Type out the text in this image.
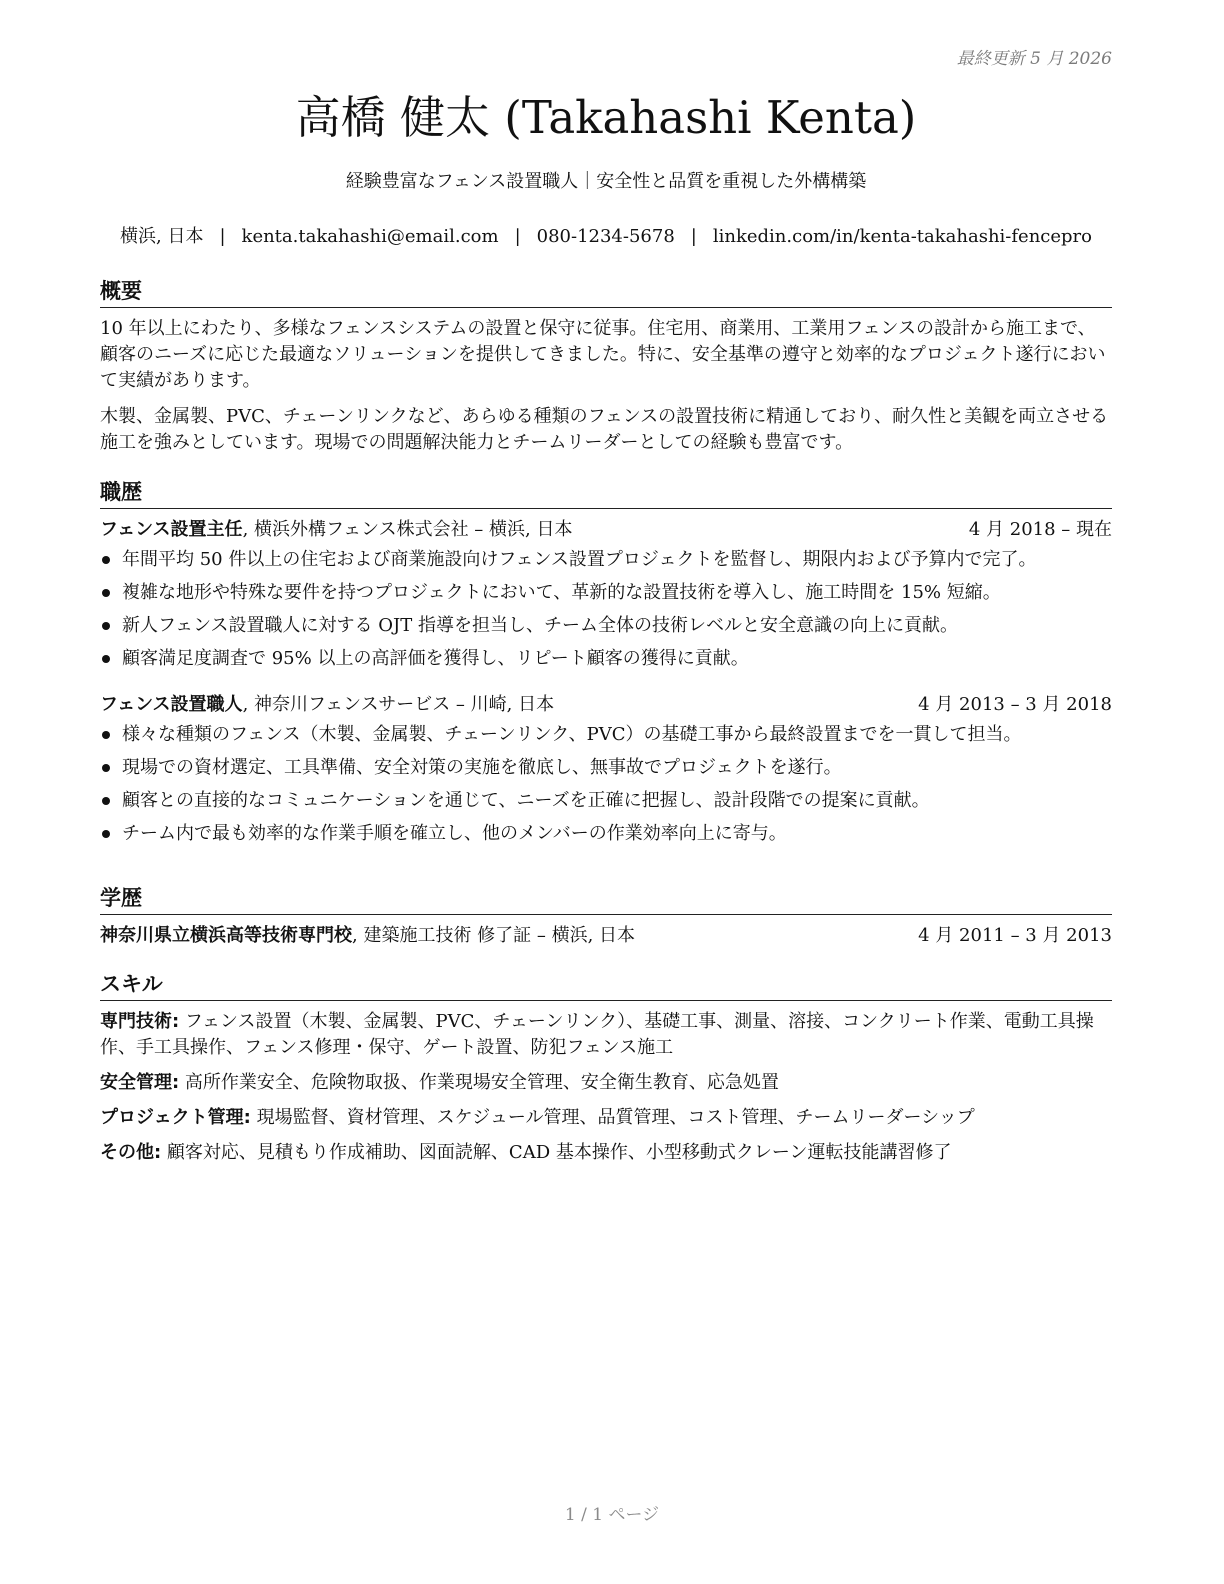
最終更新 5 月 2026
高橋 健太 (Takahashi Kenta)
経験豊富なフェンス設置職人｜安全性と品質を重視した外構構築
横浜, 日本 | kenta.takahashi@email.com | 080-1234-5678 | linkedin.com/in/kenta-takahashi-fencepro
概要

10 年以上にわたり、多様なフェンスシステムの設置と保守に従事。住宅用、商業用、工業用フェンスの設計から施工まで、顧客のニーズに応じた最適なソリューションを提供してきました。特に、安全基準の遵守と効率的なプロジェクト遂行において実績があります。

木製、金属製、PVC、チェーンリンクなど、あらゆる種類のフェンスの設置技術に精通しており、耐久性と美観を両立させる施工を強みとしています。現場での問題解決能力とチームリーダーとしての経験も豊富です。

職歴
フェンス設置主任, 横浜外構フェンス株式会社 – 横浜, 日本	4 月 2018 – 現在
年間平均 50 件以上の住宅および商業施設向けフェンス設置プロジェクトを監督し、期限内および予算内で完了。
複雑な地形や特殊な要件を持つプロジェクトにおいて、革新的な設置技術を導入し、施工時間を 15% 短縮。
新人フェンス設置職人に対する OJT 指導を担当し、チーム全体の技術レベルと安全意識の向上に貢献。
顧客満足度調査で 95% 以上の高評価を獲得し、リピート顧客の獲得に貢献。
フェンス設置職人, 神奈川フェンスサービス – 川崎, 日本	4 月 2013 – 3 月 2018
様々な種類のフェンス（木製、金属製、チェーンリンク、PVC）の基礎工事から最終設置までを一貫して担当。
現場での資材選定、工具準備、安全対策の実施を徹底し、無事故でプロジェクトを遂行。
顧客との直接的なコミュニケーションを通じて、ニーズを正確に把握し、設計段階での提案に貢献。
チーム内で最も効率的な作業手順を確立し、他のメンバーの作業効率向上に寄与。
学歴
神奈川県立横浜高等技術専門校, 建築施工技術 修了証 – 横浜, 日本	4 月 2011 – 3 月 2013
スキル

専門技術: フェンス設置（木製、金属製、PVC、チェーンリンク）、基礎工事、測量、溶接、コンクリート作業、電動工具操作、手工具操作、フェンス修理・保守、ゲート設置、防犯フェンス施工

安全管理: 高所作業安全、危険物取扱、作業現場安全管理、安全衛生教育、応急処置

プロジェクト管理: 現場監督、資材管理、スケジュール管理、品質管理、コスト管理、チームリーダーシップ

その他: 顧客対応、見積もり作成補助、図面読解、CAD 基本操作、小型移動式クレーン運転技能講習修了

1 / 1 ページ
